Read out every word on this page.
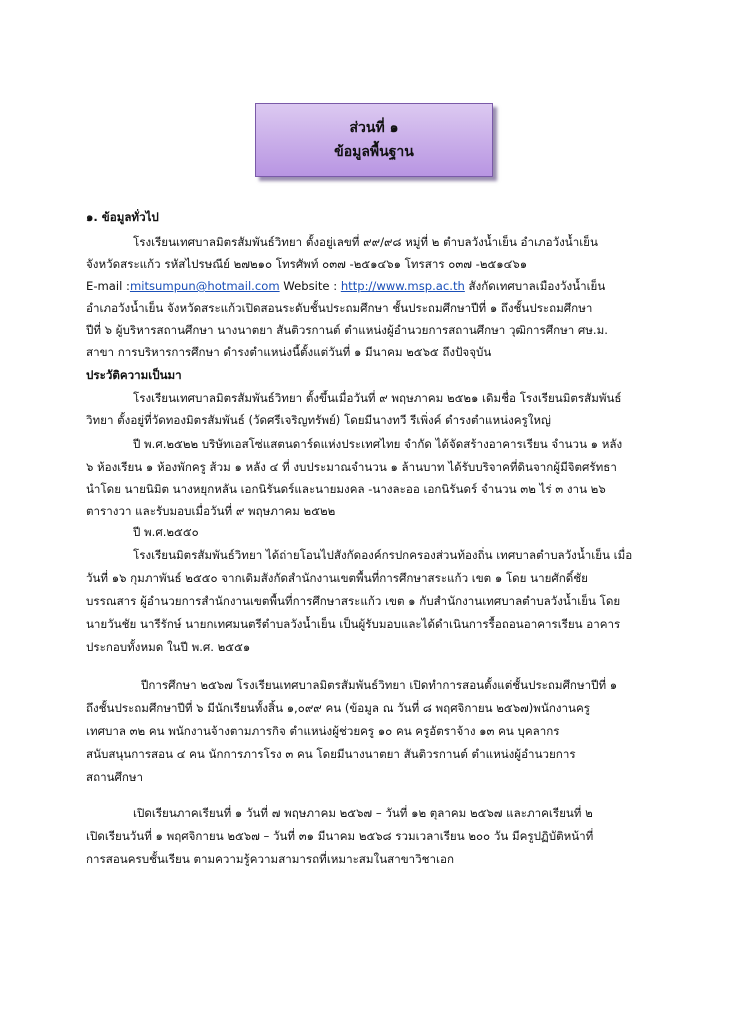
ส่วนที่ ๑
ข้อมูลพื้นฐาน
๑. ข้อมูลทั่วไป
โรงเรียนเทศบาลมิตรสัมพันธ์วิทยา ตั้งอยู่เลขที่ ๙๙/๙๘ หมู่ที่ ๒ ตำบลวังน้ำเย็น อำเภอวังน้ำเย็น
จังหวัดสระแก้ว รหัสไปรษณีย์ ๒๗๒๑๐ โทรศัพท์ ๐๓๗ -๒๕๑๔๖๑ โทรสาร ๐๓๗ -๒๕๑๔๖๑
E-mail :mitsumpun@hotmail.com Website : http://www.msp.ac.th สังกัดเทศบาลเมืองวังน้ำเย็น
อำเภอวังน้ำเย็น จังหวัดสระแก้วเปิดสอนระดับชั้นประถมศึกษา ชั้นประถมศึกษาปีที่ ๑ ถึงชั้นประถมศึกษา
ปีที่ ๖ ผู้บริหารสถานศึกษา นางนาตยา สันติวรกานต์ ตำแหน่งผู้อำนวยการสถานศึกษา วุฒิการศึกษา ศษ.ม.
สาขา การบริหารการศึกษา ดำรงตำแหน่งนี้ตั้งแต่วันที่ ๑ มีนาคม ๒๕๖๕ ถึงปัจจุบัน
ประวัติความเป็นมา
โรงเรียนเทศบาลมิตรสัมพันธ์วิทยา ตั้งขึ้นเมื่อวันที่ ๙ พฤษภาคม ๒๕๒๑ เดิมชื่อ โรงเรียนมิตรสัมพันธ์
วิทยา ตั้งอยู่ที่วัดทองมิตรสัมพันธ์ (วัดศรีเจริญทรัพย์) โดยมีนางทวี รีเพิ่งค์ ดำรงตำแหน่งครูใหญ่
ปี พ.ศ.๒๕๒๒ บริษัทเอสโซ่แสตนดาร์ดแห่งประเทศไทย จำกัด ได้จัดสร้างอาคารเรียน จำนวน ๑ หลัง
๖ ห้องเรียน ๑ ห้องพักครู ส้วม ๑ หลัง ๔ ที่ งบประมาณจำนวน ๑ ล้านบาท ได้รับบริจาคที่ดินจากผู้มีจิตศรัทธา
นำโดย นายนิมิต นางหยุกหลัน เอกนิรันดร์และนายมงคล -นางละออ เอกนิรันดร์ จำนวน ๓๒ ไร่ ๓ งาน ๒๖
ตารางวา และรับมอบเมื่อวันที่ ๙ พฤษภาคม ๒๕๒๒
ปี พ.ศ.๒๕๕๐
โรงเรียนมิตรสัมพันธ์วิทยา ได้ถ่ายโอนไปสังกัดองค์กรปกครองส่วนท้องถิ่น เทศบาลตำบลวังน้ำเย็น เมื่อ
วันที่ ๑๖ กุมภาพันธ์ ๒๕๕๐ จากเดิมสังกัดสำนักงานเขตพื้นที่การศึกษาสระแก้ว เขต ๑ โดย นายศักดิ์ชัย
บรรณสาร ผู้อำนวยการสำนักงานเขตพื้นที่การศึกษาสระแก้ว เขต ๑ กับสำนักงานเทศบาลตำบลวังน้ำเย็น โดย
นายวันชัย นารีรักษ์ นายกเทศมนตรีตำบลวังน้ำเย็น เป็นผู้รับมอบและได้ดำเนินการรื้อถอนอาคารเรียน อาคาร
ประกอบทั้งหมด ในปี พ.ศ. ๒๕๕๑
ปีการศึกษา ๒๕๖๗ โรงเรียนเทศบาลมิตรสัมพันธ์วิทยา เปิดทำการสอนตั้งแต่ชั้นประถมศึกษาปีที่ ๑
ถึงชั้นประถมศึกษาปีที่ ๖ มีนักเรียนทั้งสิ้น ๑,๐๙๙ คน (ข้อมูล ณ วันที่ ๘ พฤศจิกายน ๒๕๖๗)พนักงานครู
เทศบาล ๓๒ คน พนักงานจ้างตามภารกิจ ตำแหน่งผู้ช่วยครู ๑๐ คน ครูอัตราจ้าง ๑๓ คน บุคลากร
สนับสนุนการสอน ๔ คน นักการภารโรง ๓ คน โดยมีนางนาตยา สันติวรกานต์ ตำแหน่งผู้อำนวยการ
สถานศึกษา
เปิดเรียนภาคเรียนที่ ๑ วันที่ ๗ พฤษภาคม ๒๕๖๗ – วันที่ ๑๒ ตุลาคม ๒๕๖๗ และภาคเรียนที่ ๒
เปิดเรียนวันที่ ๑ พฤศจิกายน ๒๕๖๗ – วันที่ ๓๑ มีนาคม ๒๕๖๘ รวมเวลาเรียน ๒๐๐ วัน มีครูปฏิบัติหน้าที่
การสอนครบชั้นเรียน ตามความรู้ความสามารถที่เหมาะสมในสาขาวิชาเอก
